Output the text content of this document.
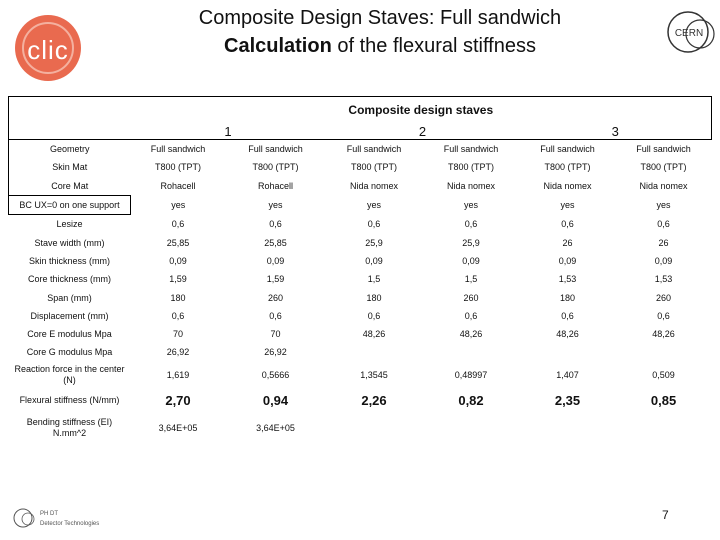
Composite Design Staves: Full sandwich
Calculation of the flexural stiffness
clic
CERN
	Composite design staves					
	1		2		3	
Geometry	Full sandwich	Full sandwich	Full sandwich	Full sandwich	Full sandwich	Full sandwich
Skin Mat	T800 (TPT)	T800 (TPT)	T800 (TPT)	T800 (TPT)	T800 (TPT)	T800 (TPT)
Core Mat	Rohacell	Rohacell	Nida nomex	Nida nomex	Nida nomex	Nida nomex
BC UX=0 on one support	yes	yes	yes	yes	yes	yes
Lesize	0,6	0,6	0,6	0,6	0,6	0,6
Stave width (mm)	25,85	25,85	25,9	25,9	26	26
Skin thickness (mm)	0,09	0,09	0,09	0,09	0,09	0,09
Core thickness (mm)	1,59	1,59	1,5	1,5	1,53	1,53
Span (mm)	180	260	180	260	180	260
Displacement (mm)	0,6	0,6	0,6	0,6	0,6	0,6
Core E modulus Mpa	70	70	48,26	48,26	48,26	48,26
Core G modulus Mpa	26,92	26,92				
Reaction force in the center (N)	1,619	0,5666	1,3545	0,48997	1,407	0,509
Flexural stiffness (N/mm)	2,70	0,94	2,26	0,82	2,35	0,85
Bending stiffness (EI) N.mm^2	3,64E+05	3,64E+05				
PH DT
Detector Technologies
7
